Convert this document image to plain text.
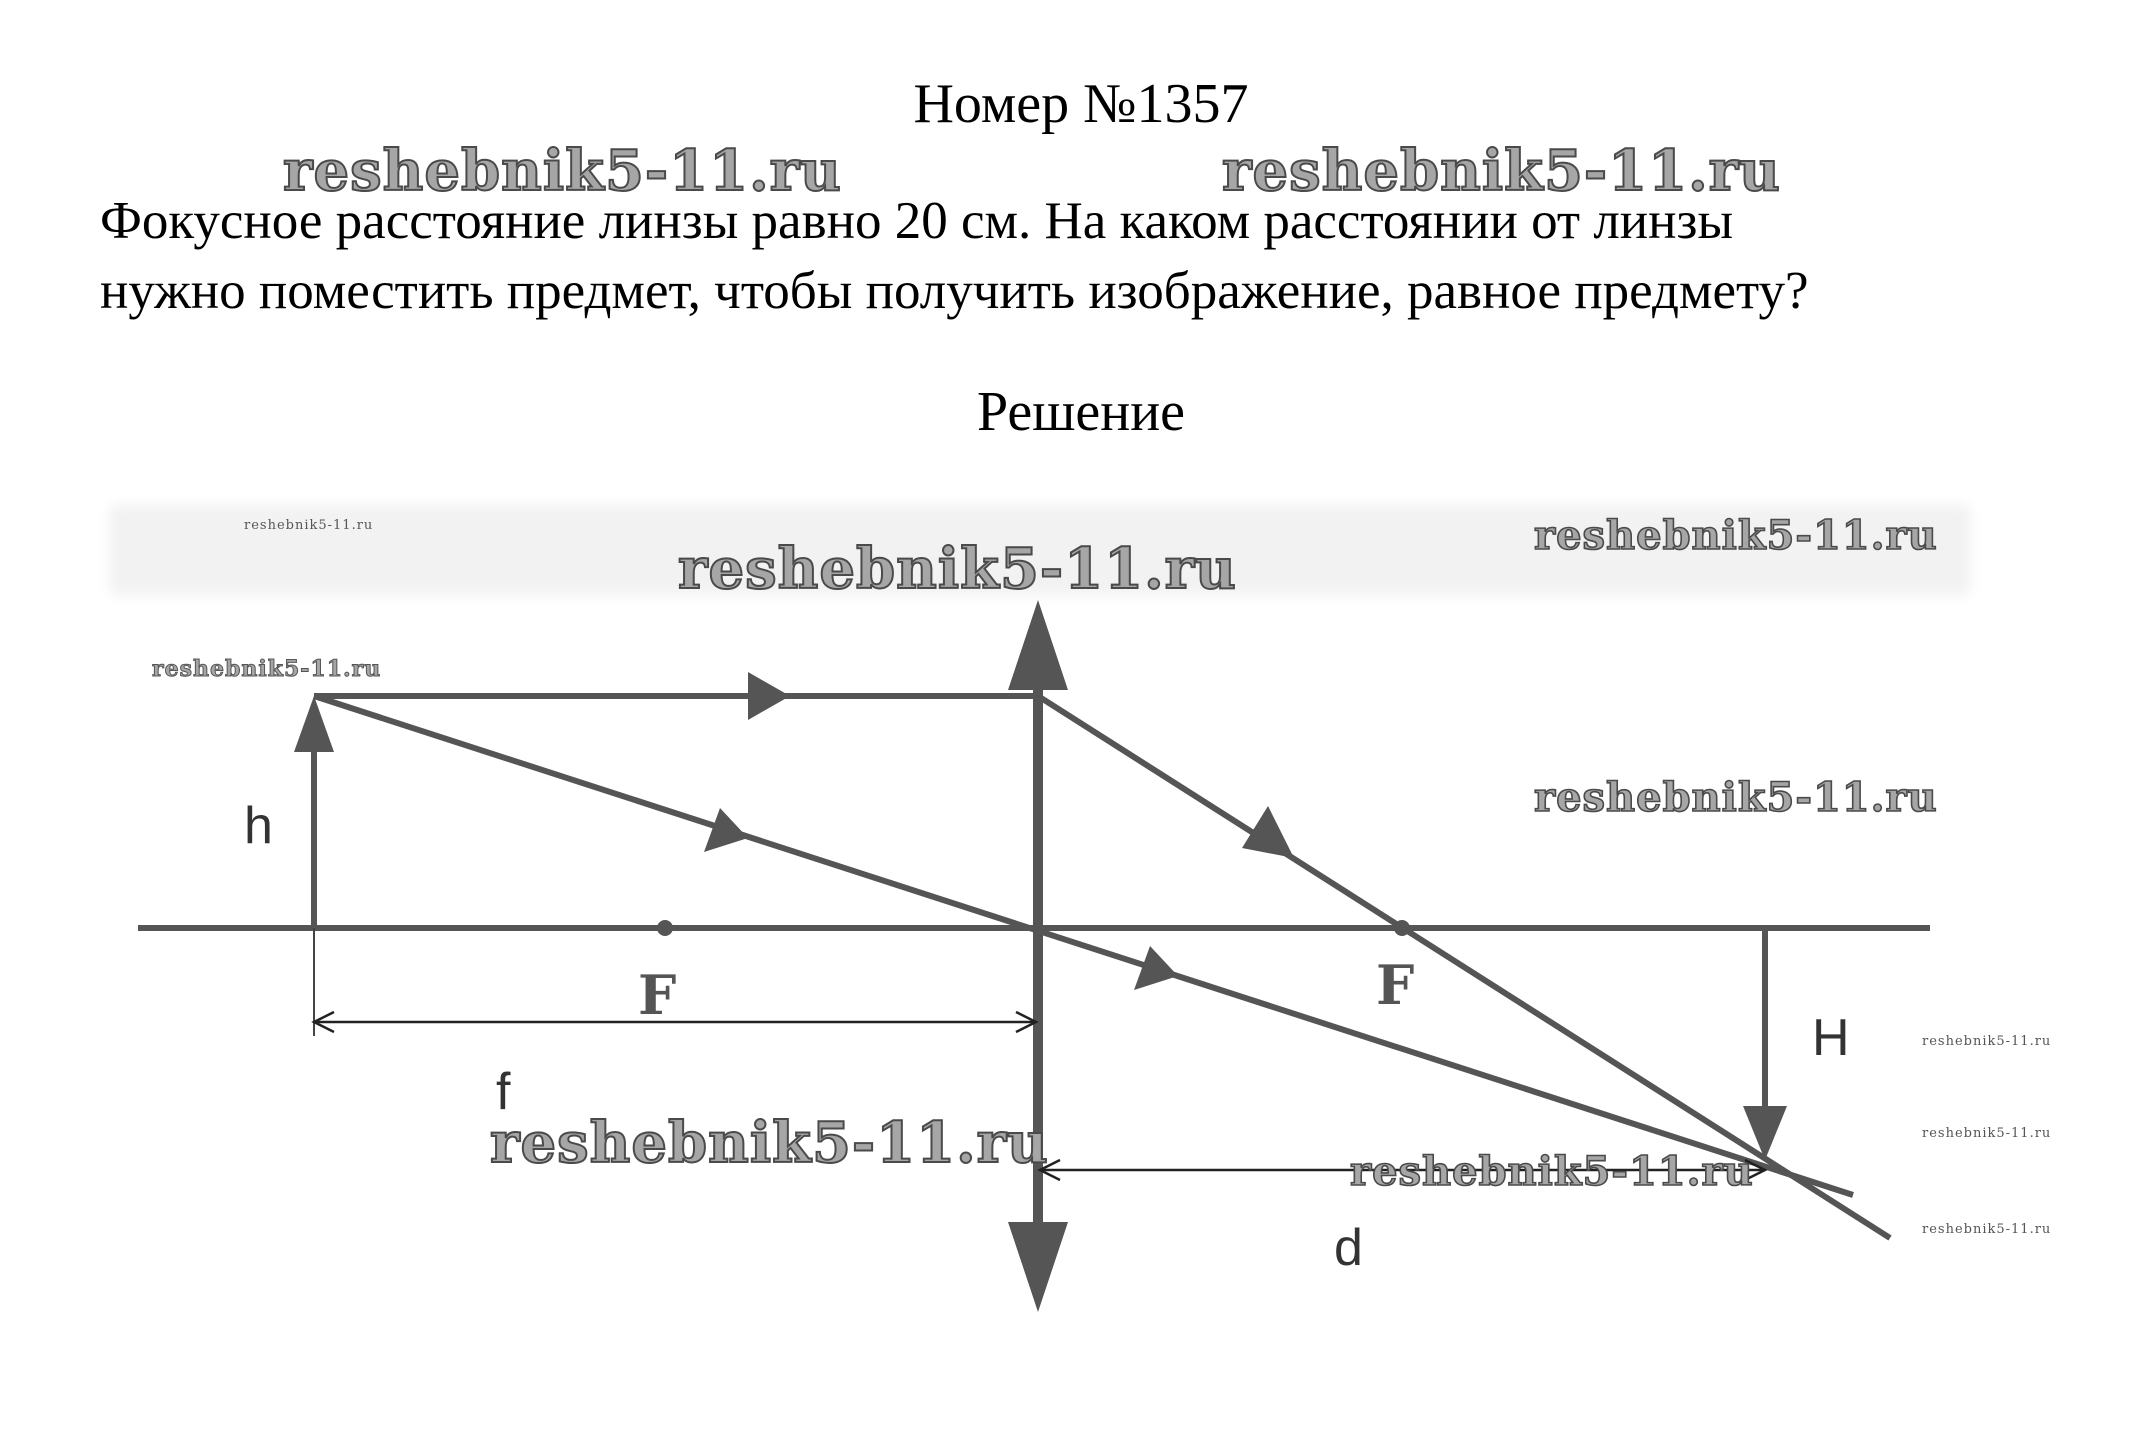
Номер №1357
reshebnik5-11.ru	reshebnik5-11.ru

Фокусное расстояние линзы равно 20 см. На каком расстоянии от линзы
нужно поместить предмет, чтобы получить изображение, равное предмету?

Решение
h
H
F	F
f
d
reshebnik5-11.ru
reshebnik5-11.ru
reshebnik5-11.ru
reshebnik5-11.ru
reshebnik5-11.ru
reshebnik5-11.ru	reshebnik5-11.ru
reshebnik5-11.ru
reshebnik5-11.ru
reshebnik5-11.ru
